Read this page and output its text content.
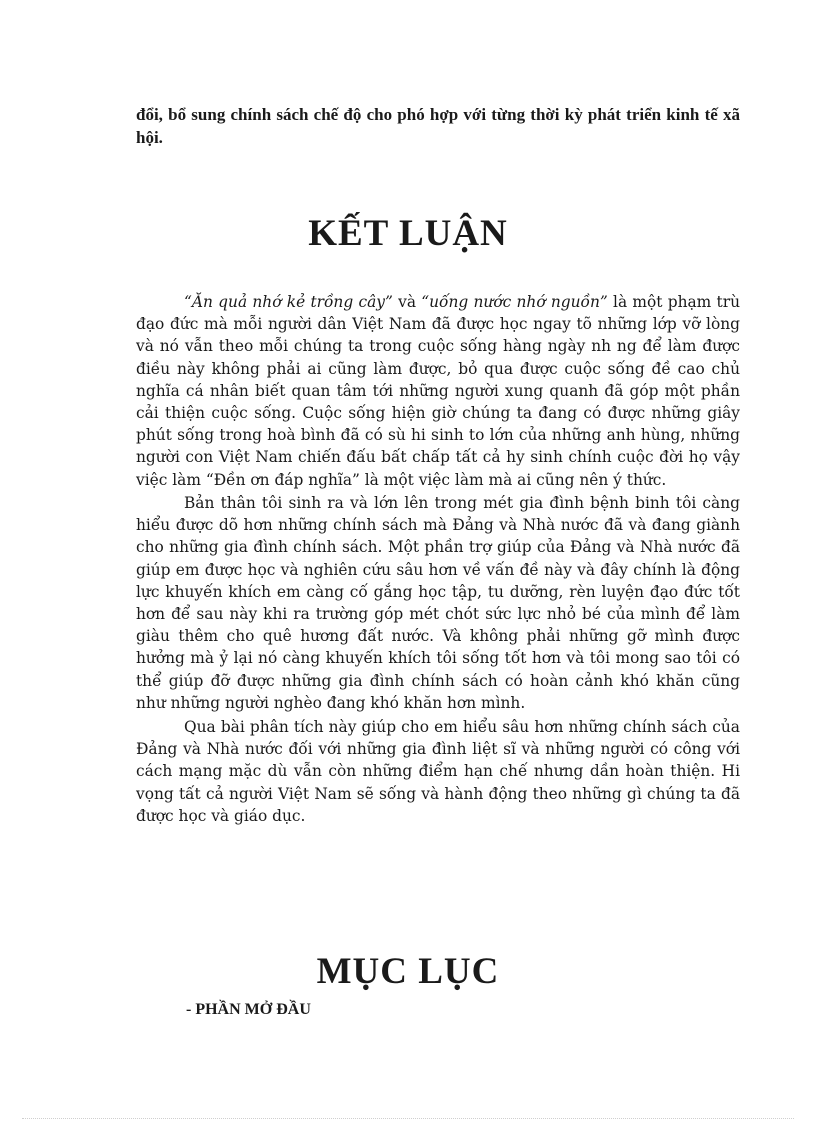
đổi, bổ sung chính sách chế độ cho phó hợp với từng thời kỳ phát triển kinh tế xã hội.

KẾT LUẬN

“Ăn quả nhớ kẻ trồng cây” và “uống nước nhớ nguồn” là một phạm trù đạo đức mà mỗi người dân Việt Nam đã được học ngay tõ những lớp vỡ lòng và nó vẫn theo mỗi chúng ta trong cuộc sống hàng ngày nh ng để làm được điều này không phải ai cũng làm được, bỏ qua được cuộc sống đề cao chủ nghĩa cá nhân biết quan tâm tới những người xung quanh đã góp một phần cải thiện cuộc sống. Cuộc sống hiện giờ chúng ta đang có được những giây phút sống trong hoà bình đã có sù hi sinh to lớn của những anh hùng, những người con Việt Nam chiến đấu bất chấp tất cả hy sinh chính cuộc đời họ vậy việc làm “Đền ơn đáp nghĩa” là một việc làm mà ai cũng nên ý thức.

Bản thân tôi sinh ra và lớn lên trong mét gia đình bệnh binh tôi càng hiểu được dõ hơn những chính sách mà Đảng và Nhà nước đã và đang giành cho những gia đình chính sách. Một phần trợ giúp của Đảng và Nhà nước đã giúp em được học và nghiên cứu sâu hơn về vấn đề này và đây chính là động lực khuyến khích em càng cố gắng học tập, tu dưỡng, rèn luyện đạo đức tốt hơn để sau này khi ra trường góp mét chót sức lực nhỏ bé của mình để làm giàu thêm cho quê hương đất nước. Và không phải những gỡ mình được hưởng mà ỷ lại nó càng khuyến khích tôi sống tốt hơn và tôi mong sao tôi có thể giúp đỡ được những gia đình chính sách có hoàn cảnh khó khăn cũng như những người nghèo đang khó khăn hơn mình.

Qua bài phân tích này giúp cho em hiểu sâu hơn những chính sách của Đảng và Nhà nước đối với những gia đình liệt sĩ và những người có công với cách mạng mặc dù vẫn còn những điểm hạn chế nhưng dần hoàn thiện. Hi vọng tất cả người Việt Nam sẽ sống và hành động theo những gì chúng ta đã được học và giáo dục.

MỤC LỤC

- PHẦN MỞ ĐẦU
